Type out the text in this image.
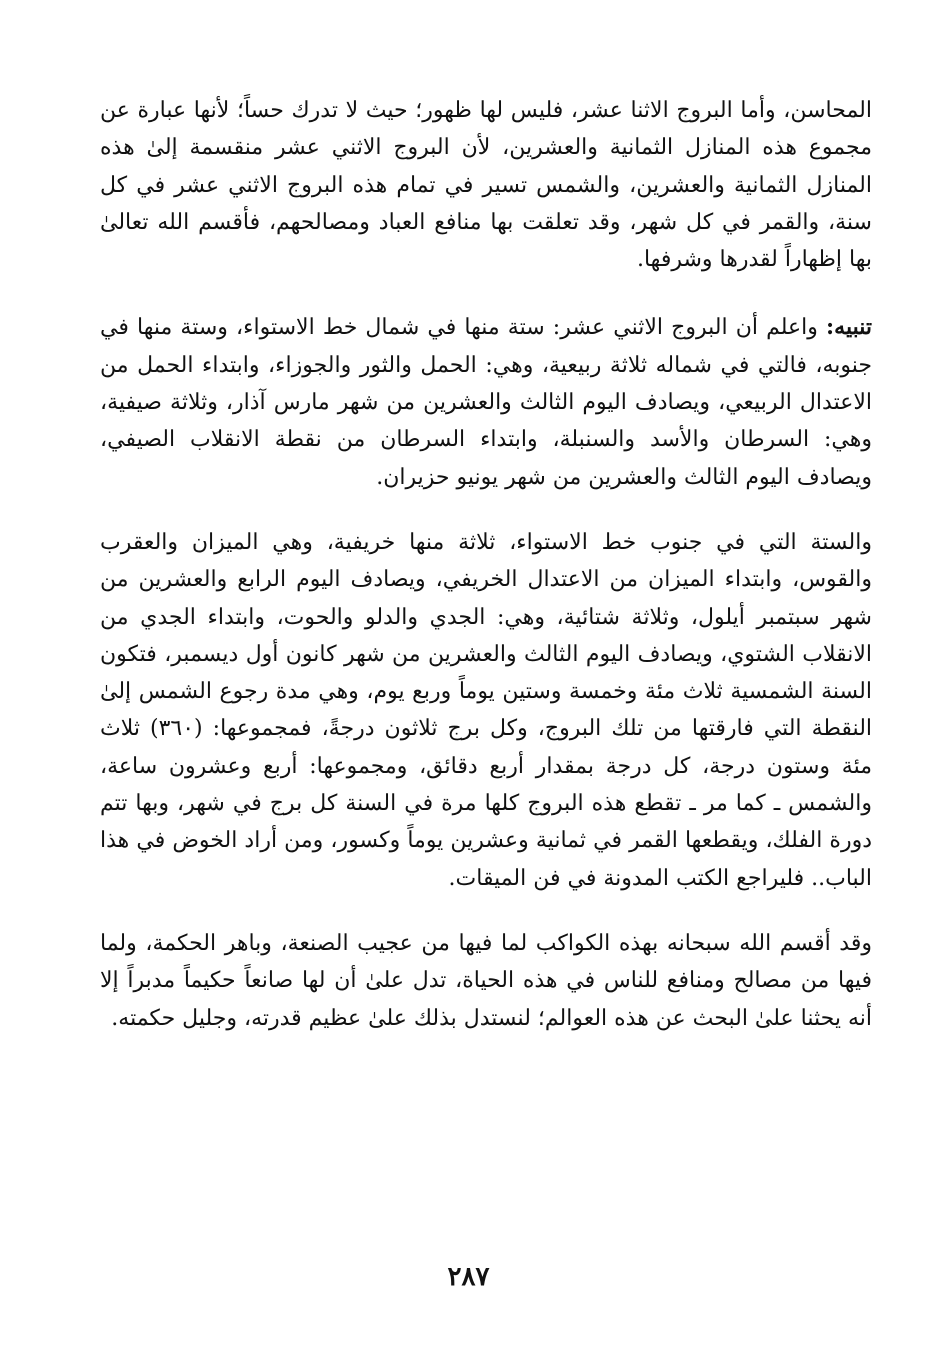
المحاسن، وأما البروج الاثنا عشر، فليس لها ظهور؛ حيث لا تدرك حساً؛ لأنها عبارة عن مجموع هذه المنازل الثمانية والعشرين، لأن البروج الاثني عشر منقسمة إلىٰ هذه المنازل الثمانية والعشرين، والشمس تسير في تمام هذه البروج الاثني عشر في كل سنة، والقمر في كل شهر، وقد تعلقت بها منافع العباد ومصالحهم، فأقسم الله تعالىٰ بها إظهاراً لقدرها وشرفها.

تنبيه: واعلم أن البروج الاثني عشر: ستة منها في شمال خط الاستواء، وستة منها في جنوبه، فالتي في شماله ثلاثة ربيعية، وهي: الحمل والثور والجوزاء، وابتداء الحمل من الاعتدال الربيعي، ويصادف اليوم الثالث والعشرين من شهر مارس آذار، وثلاثة صيفية، وهي: السرطان والأسد والسنبلة، وابتداء السرطان من نقطة الانقلاب الصيفي، ويصادف اليوم الثالث والعشرين من شهر يونيو حزيران.

والستة التي في جنوب خط الاستواء، ثلاثة منها خريفية، وهي الميزان والعقرب والقوس، وابتداء الميزان من الاعتدال الخريفي، ويصادف اليوم الرابع والعشرين من شهر سبتمبر أيلول، وثلاثة شتائية، وهي: الجدي والدلو والحوت، وابتداء الجدي من الانقلاب الشتوي، ويصادف اليوم الثالث والعشرين من شهر كانون أول ديسمبر، فتكون السنة الشمسية ثلاث مئة وخمسة وستين يوماً وربع يوم، وهي مدة رجوع الشمس إلىٰ النقطة التي فارقتها من تلك البروج، وكل برج ثلاثون درجةً، فمجموعها: (٣٦٠) ثلاث مئة وستون درجة، كل درجة بمقدار أربع دقائق، ومجموعها: أربع وعشرون ساعة، والشمس ـ كما مر ـ تقطع هذه البروج كلها مرة في السنة كل برج في شهر، وبها تتم دورة الفلك، ويقطعها القمر في ثمانية وعشرين يوماً وكسور، ومن أراد الخوض في هذا الباب.. فليراجع الكتب المدونة في فن الميقات.

وقد أقسم الله سبحانه بهذه الكواكب لما فيها من عجيب الصنعة، وباهر الحكمة، ولما فيها من مصالح ومنافع للناس في هذه الحياة، تدل علىٰ أن لها صانعاً حكيماً مدبراً إلا أنه يحثنا علىٰ البحث عن هذه العوالم؛ لنستدل بذلك علىٰ عظيم قدرته، وجليل حكمته.

٢٨٧
